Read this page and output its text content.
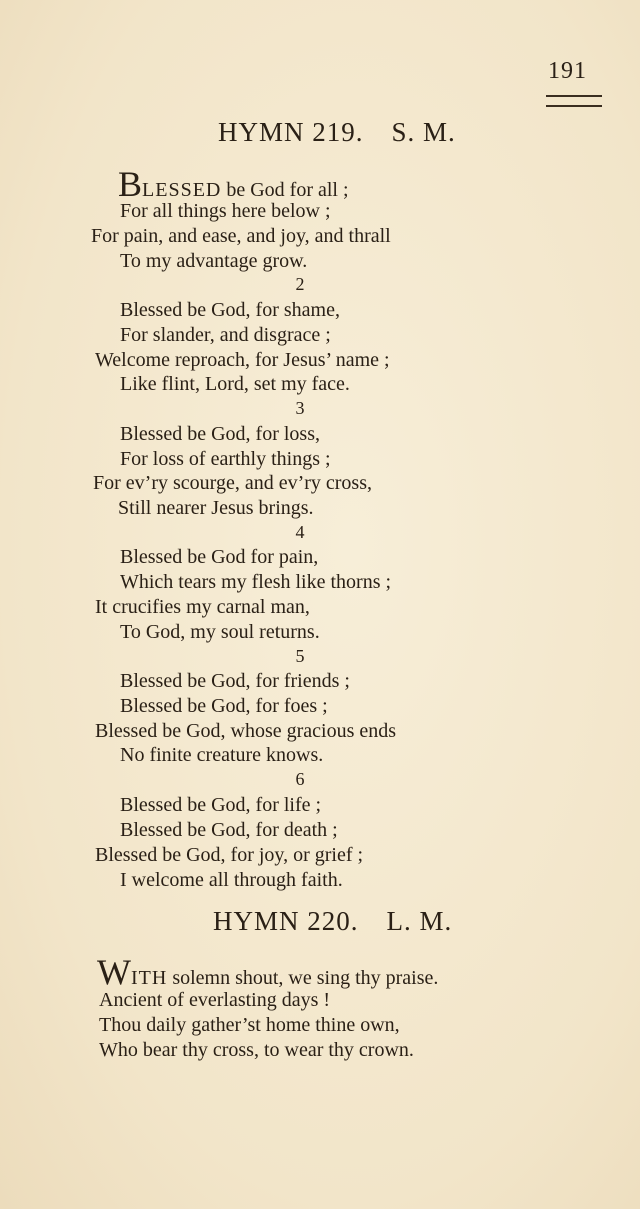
191
HYMN 219. S. M.
BLESSED be God for all ;
For all things here below ;
For pain, and ease, and joy, and thrall
To my advantage grow.
2
Blessed be God, for shame,
For slander, and disgrace ;
Welcome reproach, for Jesus’ name ;
Like flint, Lord, set my face.
3
Blessed be God, for loss,
For loss of earthly things ;
For ev’ry scourge, and ev’ry cross,
Still nearer Jesus brings.
4
Blessed be God for pain,
Which tears my flesh like thorns ;
It crucifies my carnal man,
To God, my soul returns.
5
Blessed be God, for friends ;
Blessed be God, for foes ;
Blessed be God, whose gracious ends
No finite creature knows.
6
Blessed be God, for life ;
Blessed be God, for death ;
Blessed be God, for joy, or grief ;
I welcome all through faith.
HYMN 220. L. M.
WITH solemn shout, we sing thy praise.
Ancient of everlasting days !
Thou daily gather’st home thine own,
Who bear thy cross, to wear thy crown.
